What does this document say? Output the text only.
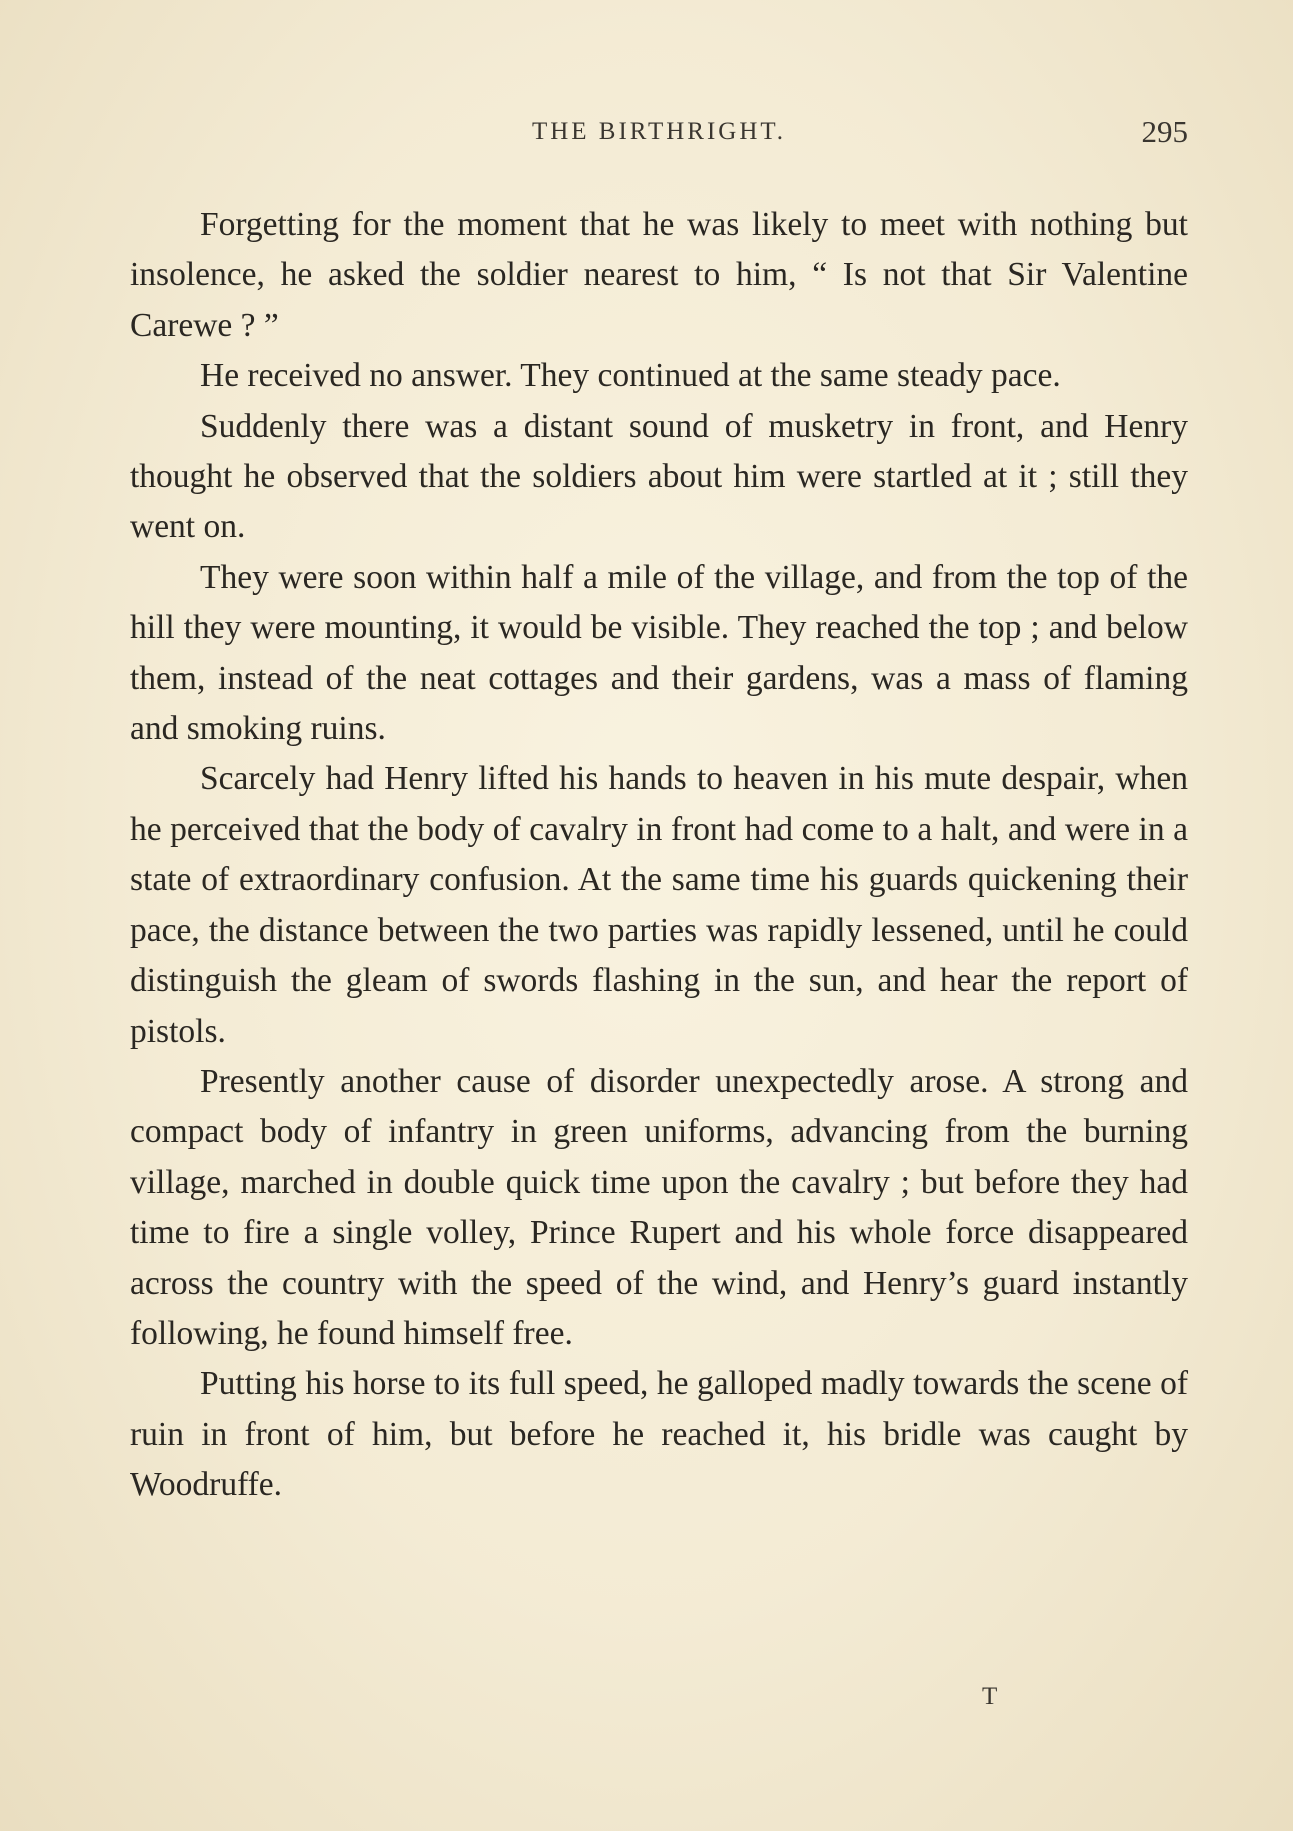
THE BIRTHRIGHT.	295

Forgetting for the moment that he was likely to meet with nothing but insolence, he asked the soldier nearest to him, “ Is not that Sir Valentine Carewe ? ”

He received no answer. They continued at the same steady pace.

Suddenly there was a distant sound of musketry in front, and Henry thought he observed that the soldiers about him were startled at it ; still they went on.

They were soon within half a mile of the village, and from the top of the hill they were mounting, it would be visible. They reached the top ; and below them, instead of the neat cottages and their gardens, was a mass of flaming and smoking ruins.

Scarcely had Henry lifted his hands to heaven in his mute despair, when he perceived that the body of cavalry in front had come to a halt, and were in a state of extraordinary confusion. At the same time his guards quickening their pace, the distance between the two parties was rapidly lessened, until he could distinguish the gleam of swords flashing in the sun, and hear the report of pistols.

Presently another cause of disorder unexpectedly arose. A strong and compact body of infantry in green uniforms, advancing from the burning village, marched in double quick time upon the cavalry ; but before they had time to fire a single volley, Prince Rupert and his whole force disappeared across the country with the speed of the wind, and Henry’s guard instantly following, he found himself free.

Putting his horse to its full speed, he galloped madly towards the scene of ruin in front of him, but before he reached it, his bridle was caught by Woodruffe.

T
